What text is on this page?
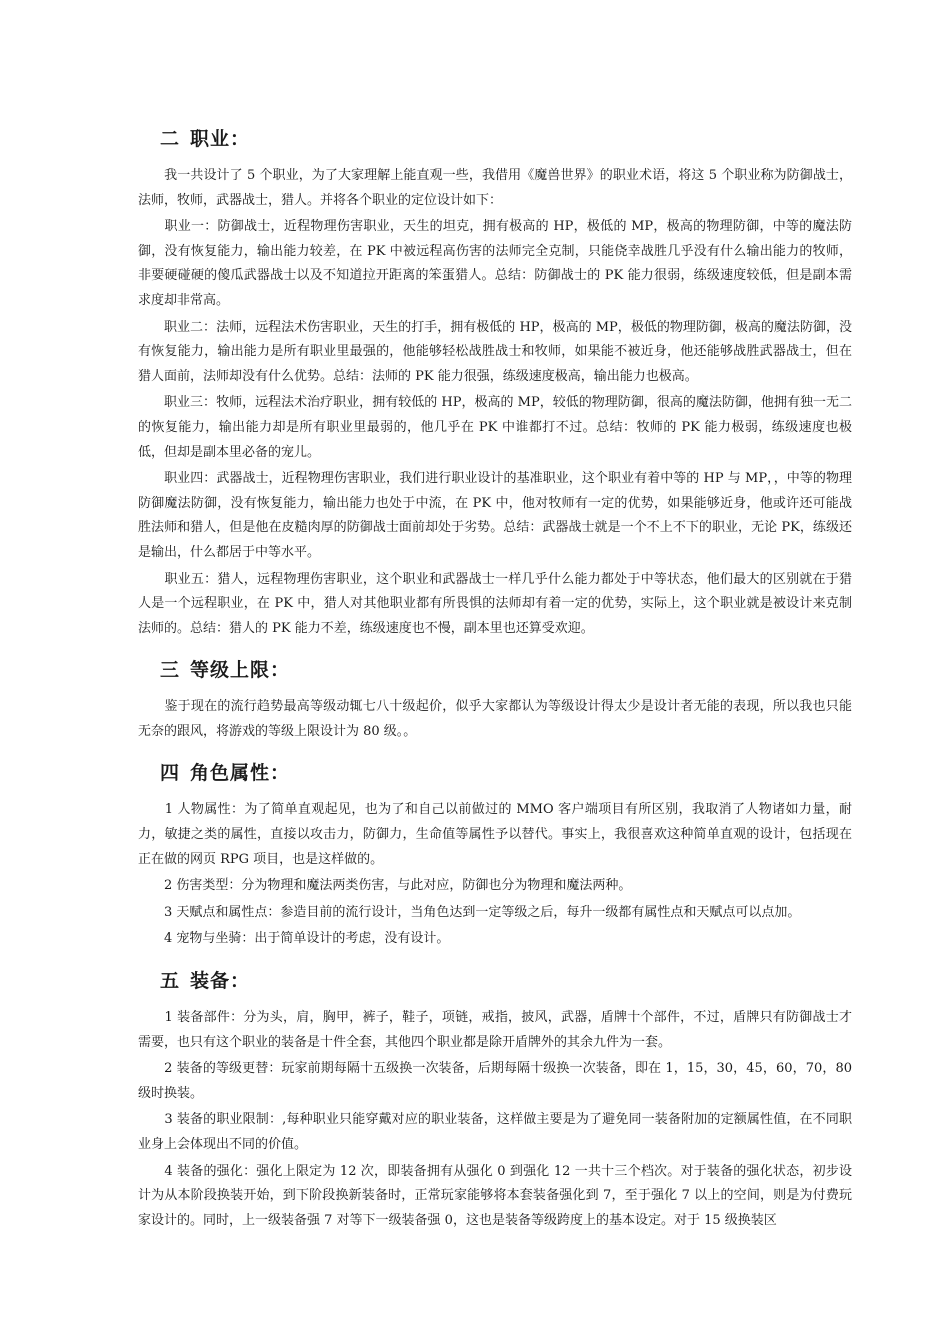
二 职业：

　　我一共设计了 5 个职业，为了大家理解上能直观一些，我借用《魔兽世界》的职业术语，将这 5 个职业称为防御战士，法师，牧师，武器战士，猎人。并将各个职业的定位设计如下：

　　职业一：防御战士，近程物理伤害职业，天生的坦克，拥有极高的 HP，极低的 MP，极高的物理防御，中等的魔法防御，没有恢复能力，输出能力较差，在 PK 中被远程高伤害的法师完全克制，只能侥幸战胜几乎没有什么输出能力的牧师，非要硬碰硬的傻瓜武器战士以及不知道拉开距离的笨蛋猎人。总结：防御战士的 PK 能力很弱，练级速度较低，但是副本需求度却非常高。

　　职业二：法师，远程法术伤害职业，天生的打手，拥有极低的 HP，极高的 MP，极低的物理防御，极高的魔法防御，没有恢复能力，输出能力是所有职业里最强的，他能够轻松战胜战士和牧师，如果能不被近身，他还能够战胜武器战士，但在猎人面前，法师却没有什么优势。总结：法师的 PK 能力很强，练级速度极高，输出能力也极高。

　　职业三：牧师，远程法术治疗职业，拥有较低的 HP，极高的 MP，较低的物理防御，很高的魔法防御，他拥有独一无二的恢复能力，输出能力却是所有职业里最弱的，他几乎在 PK 中谁都打不过。总结：牧师的 PK 能力极弱，练级速度也极低，但却是副本里必备的宠儿。

　　职业四：武器战士，近程物理伤害职业，我们进行职业设计的基准职业，这个职业有着中等的 HP 与 MP，，中等的物理防御魔法防御，没有恢复能力，输出能力也处于中流，在 PK 中，他对牧师有一定的优势，如果能够近身，他或许还可能战胜法师和猎人，但是他在皮糙肉厚的防御战士面前却处于劣势。总结：武器战士就是一个不上不下的职业，无论 PK，练级还是输出，什么都居于中等水平。

　　职业五：猎人，远程物理伤害职业，这个职业和武器战士一样几乎什么能力都处于中等状态，他们最大的区别就在于猎人是一个远程职业，在 PK 中，猎人对其他职业都有所畏惧的法师却有着一定的优势，实际上，这个职业就是被设计来克制法师的。总结：猎人的 PK 能力不差，练级速度也不慢，副本里也还算受欢迎。

三 等级上限：

　　鉴于现在的流行趋势最高等级动辄七八十级起价，似乎大家都认为等级设计得太少是设计者无能的表现，所以我也只能无奈的跟风，将游戏的等级上限设计为 80 级。。

四 角色属性：

　　1 人物属性：为了简单直观起见，也为了和自己以前做过的 MMO 客户端项目有所区别，我取消了人物诸如力量，耐力，敏捷之类的属性，直接以攻击力，防御力，生命值等属性予以替代。事实上，我很喜欢这种简单直观的设计，包括现在正在做的网页 RPG 项目，也是这样做的。

　　2 伤害类型：分为物理和魔法两类伤害，与此对应，防御也分为物理和魔法两种。

　　3 天赋点和属性点：参造目前的流行设计，当角色达到一定等级之后，每升一级都有属性点和天赋点可以点加。

　　4 宠物与坐骑：出于简单设计的考虑，没有设计。

五 装备：

　　1 装备部件：分为头，肩，胸甲，裤子，鞋子，项链，戒指，披风，武器，盾牌十个部件，不过，盾牌只有防御战士才需要，也只有这个职业的装备是十件全套，其他四个职业都是除开盾牌外的其余九件为一套。

　　2 装备的等级更替：玩家前期每隔十五级换一次装备，后期每隔十级换一次装备，即在 1，15，30，45，60，70，80 级时换装。

　　3 装备的职业限制：,每种职业只能穿戴对应的职业装备，这样做主要是为了避免同一装备附加的定额属性值，在不同职业身上会体现出不同的价值。

　　4 装备的强化：强化上限定为 12 次，即装备拥有从强化 0 到强化 12 一共十三个档次。对于装备的强化状态，初步设计为从本阶段换装开始，到下阶段换新装备时，正常玩家能够将本套装备强化到 7，至于强化 7 以上的空间，则是为付费玩家设计的。同时，上一级装备强 7 对等下一级装备强 0，这也是装备等级跨度上的基本设定。对于 15 级换装区
